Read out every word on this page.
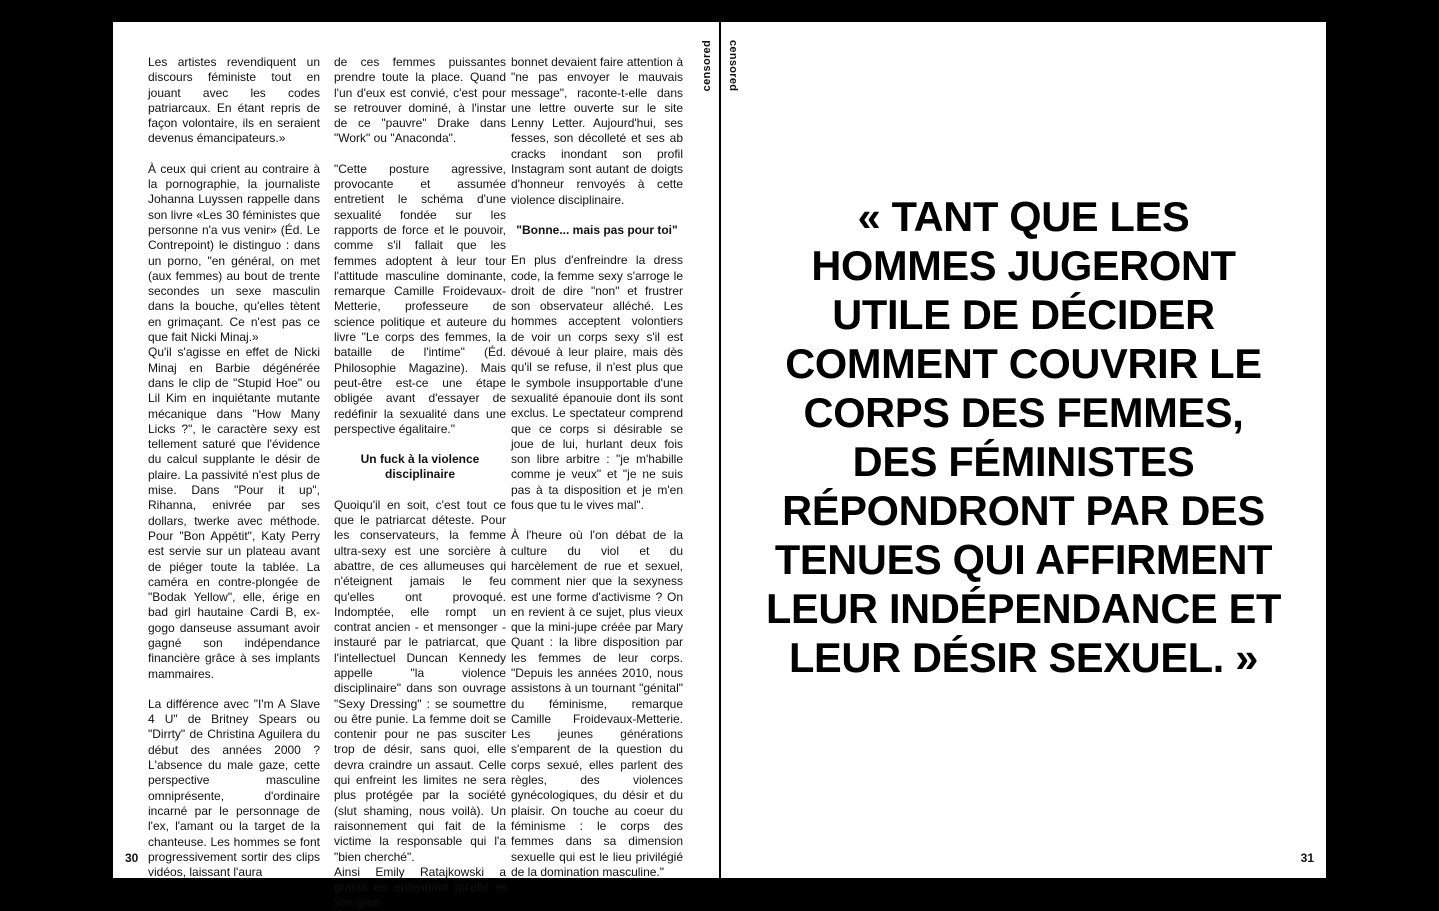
Les artistes revendiquent un discours féministe tout en jouant avec les codes patriarcaux. En étant repris de façon volontaire, ils en seraient devenus émancipateurs.»

À ceux qui crient au contraire à la pornographie, la journaliste Johanna Luyssen rappelle dans son livre «Les 30 féministes que personne n'a vus venir» (Éd. Le Contrepoint) le distinguo : dans un porno, "en général, on met (aux femmes) au bout de trente secondes un sexe masculin dans la bouche, qu'elles tètent en grimaçant. Ce n'est pas ce que fait Nicki Minaj.»

Qu'il s'agisse en effet de Nicki Minaj en Barbie dégénérée dans le clip de "Stupid Hoe" ou Lil Kim en inquiétante mutante mécanique dans "How Many Licks ?", le caractère sexy est tellement saturé que l'évidence du calcul supplante le désir de plaire. La passivité n'est plus de mise. Dans "Pour it up", Rihanna, enivrée par ses dollars, twerke avec méthode. Pour "Bon Appétit", Katy Perry est servie sur un plateau avant de piéger toute la tablée. La caméra en contre-plongée de "Bodak Yellow", elle, érige en bad girl hautaine Cardi B, ex-gogo danseuse assumant avoir gagné son indépendance financière grâce à ses implants mammaires.

La différence avec "I'm A Slave 4 U" de Britney Spears ou "Dirrty" de Christina Aguilera du début des années 2000 ? L'absence du male gaze, cette perspective masculine omniprésente, d'ordinaire incarné par le personnage de l'ex, l'amant ou la target de la chanteuse. Les hommes se font progressivement sortir des clips vidéos, laissant l'aura

de ces femmes puissantes prendre toute la place. Quand l'un d'eux est convié, c'est pour se retrouver dominé, à l'instar de ce "pauvre" Drake dans "Work" ou "Anaconda".

"Cette posture agressive, provocante et assumée entretient le schéma d'une sexualité fondée sur les rapports de force et le pouvoir, comme s'il fallait que les femmes adoptent à leur tour l'attitude masculine dominante, remarque Camille Froidevaux-Metterie, professeure de science politique et auteure du livre "Le corps des femmes, la bataille de l'intime" (Éd. Philosophie Magazine). Mais peut-être est-ce une étape obligée avant d'essayer de redéfinir la sexualité dans une perspective égalitaire."

Un fuck à la violence disciplinaire

Quoiqu'il en soit, c'est tout ce que le patriarcat déteste. Pour les conservateurs, la femme ultra-sexy est une sorcière à abattre, de ces allumeuses qui n'éteignent jamais le feu qu'elles ont provoqué. Indomptée, elle rompt un contrat ancien - et mensonger - instauré par le patriarcat, que l'intellectuel Duncan Kennedy appelle "la violence disciplinaire" dans son ouvrage "Sexy Dressing" : se soumettre ou être punie. La femme doit se contenir pour ne pas susciter trop de désir, sans quoi, elle devra craindre un assaut. Celle qui enfreint les limites ne sera plus protégée par la société (slut shaming, nous voilà). Un raisonnement qui fait de la victime la responsable qui l'a "bien cherché".

Ainsi Emily Ratajkowski a grandi en entendant qu'elle et son gros

bonnet devaient faire attention à "ne pas envoyer le mauvais message", raconte-t-elle dans une lettre ouverte sur le site Lenny Letter. Aujourd'hui, ses fesses, son décolleté et ses ab cracks inondant son profil Instagram sont autant de doigts d'honneur renvoyés à cette violence disciplinaire.

"Bonne... mais pas pour toi"

En plus d'enfreindre la dress code, la femme sexy s'arroge le droit de dire "non" et frustrer son observateur alléché. Les hommes acceptent volontiers de voir un corps sexy s'il est dévoué à leur plaire, mais dès qu'il se refuse, il n'est plus que le symbole insupportable d'une sexualité épanouie dont ils sont exclus. Le spectateur comprend que ce corps si désirable se joue de lui, hurlant deux fois son libre arbitre : "je m'habille comme je veux" et "je ne suis pas à ta disposition et je m'en fous que tu le vives mal".

À l'heure où l'on débat de la culture du viol et du harcèlement de rue et sexuel, comment nier que la sexyness est une forme d'activisme ? On en revient à ce sujet, plus vieux que la mini-jupe créée par Mary Quant : la libre disposition par les femmes de leur corps. "Depuis les années 2010, nous assistons à un tournant "génital" du féminisme, remarque Camille Froidevaux-Metterie. Les jeunes générations s'emparent de la question du corps sexué, elles parlent des règles, des violences gynécologiques, du désir et du plaisir. On touche au coeur du féminisme : le corps des femmes dans sa dimension sexuelle qui est le lieu privilégié de la domination masculine."

censored
30
censored
« TANT QUE LES
HOMMES JUGERONT
UTILE DE DÉCIDER
COMMENT COUVRIR LE
CORPS DES FEMMES,
DES FÉMINISTES
RÉPONDRONT PAR DES
TENUES QUI AFFIRMENT
LEUR INDÉPENDANCE ET
LEUR DÉSIR SEXUEL. »
31
